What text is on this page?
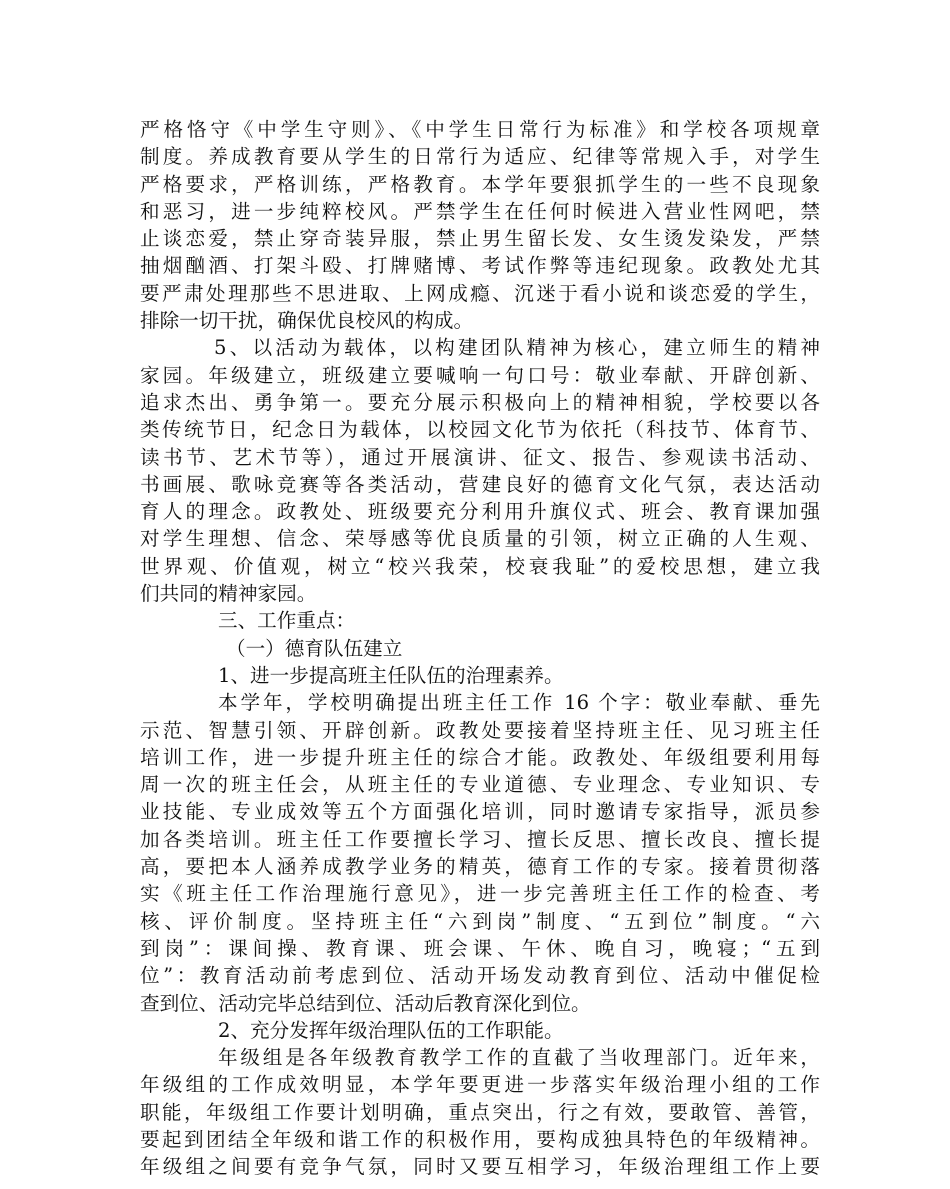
严格恪守《中学生守则》、《中学生日常行为标准》和学校各项规章
制度。养成教育要从学生的日常行为适应、纪律等常规入手，对学生
严格要求，严格训练，严格教育。本学年要狠抓学生的一些不良现象
和恶习，进一步纯粹校风。严禁学生在任何时候进入营业性网吧，禁
止谈恋爱，禁止穿奇装异服，禁止男生留长发、女生烫发染发，严禁
抽烟酗酒、打架斗殴、打牌赌博、考试作弊等违纪现象。政教处尤其
要严肃处理那些不思进取、上网成瘾、沉迷于看小说和谈恋爱的学生，
排除一切干扰，确保优良校风的构成。
5、以活动为载体，以构建团队精神为核心，建立师生的精神
家园。年级建立，班级建立要喊响一句口号：敬业奉献、开辟创新、
追求杰出、勇争第一。要充分展示积极向上的精神相貌，学校要以各
类传统节日，纪念日为载体，以校园文化节为依托（科技节、体育节、
读书节、艺术节等），通过开展演讲、征文、报告、参观读书活动、
书画展、歌咏竞赛等各类活动，营建良好的德育文化气氛，表达活动
育人的理念。政教处、班级要充分利用升旗仪式、班会、教育课加强
对学生理想、信念、荣辱感等优良质量的引领，树立正确的人生观、
世界观、价值观，树立“校兴我荣，校衰我耻”的爱校思想，建立我
们共同的精神家园。
三、工作重点：
（一）德育队伍建立
1、进一步提高班主任队伍的治理素养。
本学年，学校明确提出班主任工作 16 个字：敬业奉献、垂先
示范、智慧引领、开辟创新。政教处要接着坚持班主任、见习班主任
培训工作，进一步提升班主任的综合才能。政教处、年级组要利用每
周一次的班主任会，从班主任的专业道德、专业理念、专业知识、专
业技能、专业成效等五个方面强化培训，同时邀请专家指导，派员参
加各类培训。班主任工作要擅长学习、擅长反思、擅长改良、擅长提
高，要把本人涵养成教学业务的精英，德育工作的专家。接着贯彻落
实《班主任工作治理施行意见》，进一步完善班主任工作的检查、考
核、评价制度。坚持班主任“六到岗”制度、“五到位”制度。“六
到岗”：课间操、教育课、班会课、午休、晚自习，晚寝；“五到
位”：教育活动前考虑到位、活动开场发动教育到位、活动中催促检
查到位、活动完毕总结到位、活动后教育深化到位。
2、充分发挥年级治理队伍的工作职能。
年级组是各年级教育教学工作的直截了当收理部门。近年来，
年级组的工作成效明显，本学年要更进一步落实年级治理小组的工作
职能，年级组工作要计划明确，重点突出，行之有效，要敢管、善管，
要起到团结全年级和谐工作的积极作用，要构成独具特色的年级精神。
年级组之间要有竞争气氛，同时又要互相学习，年级治理组工作上要
